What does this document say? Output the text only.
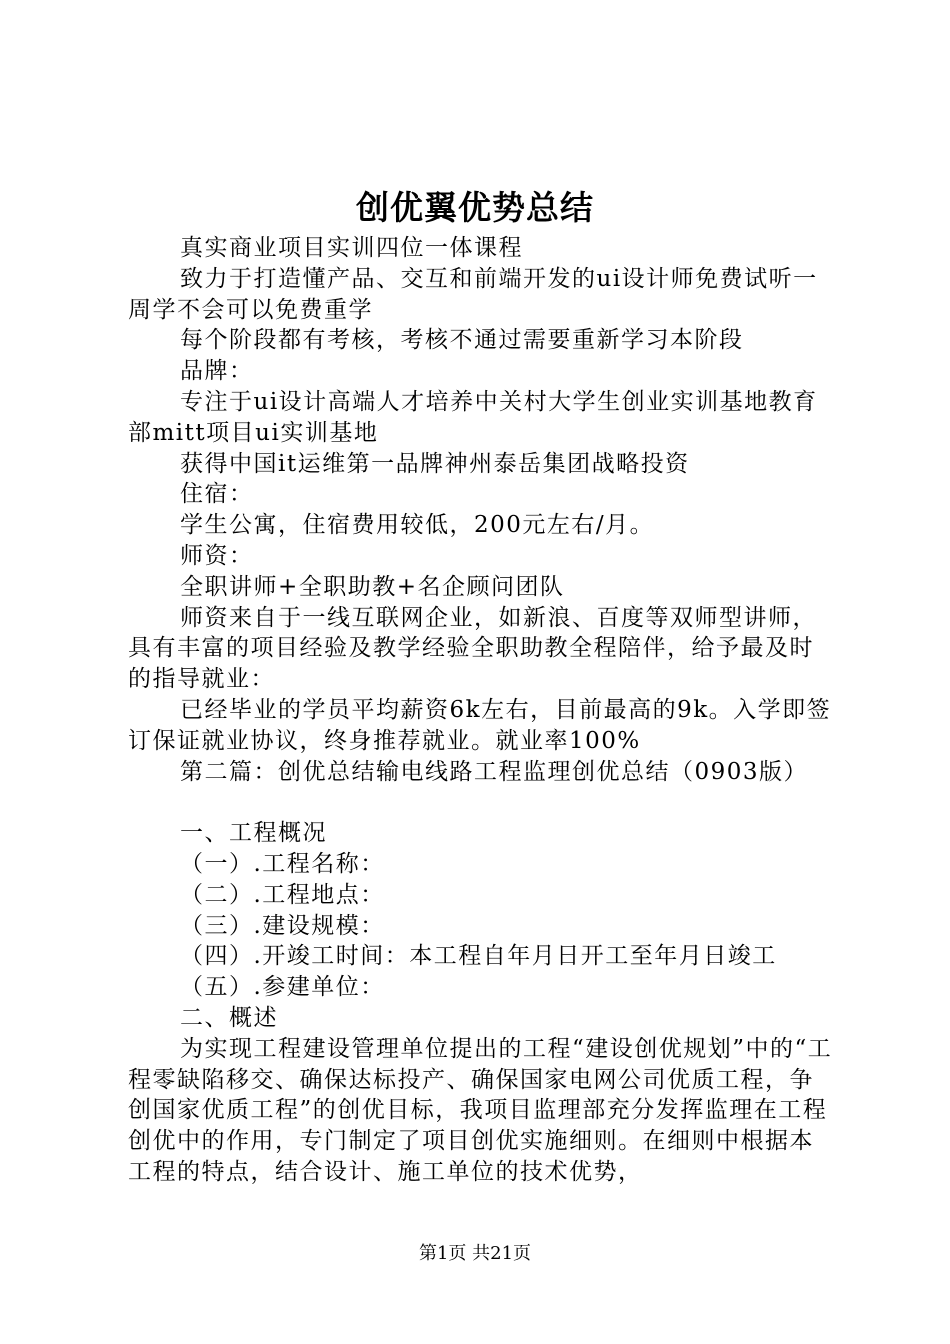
创优翼优势总结

真实商业项目实训四位一体课程

致力于打造懂产品、交互和前端开发的ui设计师免费试听一周学不会可以免费重学

每个阶段都有考核，考核不通过需要重新学习本阶段

品牌：

专注于ui设计高端人才培养中关村大学生创业实训基地教育部mitt项目ui实训基地

获得中国it运维第一品牌神州泰岳集团战略投资

住宿：

学生公寓，住宿费用较低，200元左右/月。

师资：

全职讲师+全职助教+名企顾问团队

师资来自于一线互联网企业，如新浪、百度等双师型讲师，具有丰富的项目经验及教学经验全职助教全程陪伴，给予最及时的指导就业：

已经毕业的学员平均薪资6k左右，目前最高的9k。入学即签订保证就业协议，终身推荐就业。就业率100%

第二篇：创优总结输电线路工程监理创优总结（0903版）

一、工程概况

（一）.工程名称：

（二）.工程地点：

（三）.建设规模：

（四）.开竣工时间：本工程自年月日开工至年月日竣工

（五）.参建单位：

二、概述

为实现工程建设管理单位提出的工程“建设创优规划”中的“工程零缺陷移交、确保达标投产、确保国家电网公司优质工程，争创国家优质工程”的创优目标，我项目监理部充分发挥监理在工程创优中的作用，专门制定了项目创优实施细则。在细则中根据本工程的特点，结合设计、施工单位的技术优势，

第1页 共21页
